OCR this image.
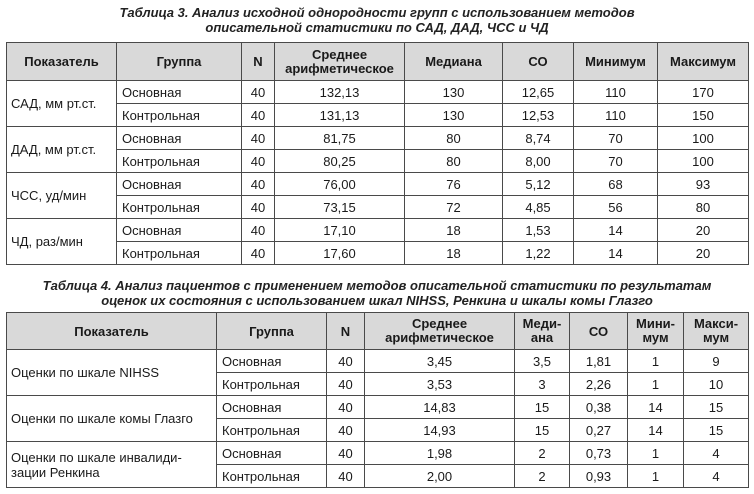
Таблица 3. Анализ исходной однородности групп с использованием методов
описательной статистики по САД, ДАД, ЧСС и ЧД
Показатель	Группа	N	Среднее арифметическое	Медиана	СО	Минимум	Максимум
САД, мм рт.ст.	Основная	40	132,13	130	12,65	110	170
	Контрольная	40	131,13	130	12,53	110	150
ДАД, мм рт.ст.	Основная	40	81,75	80	8,74	70	100
	Контрольная	40	80,25	80	8,00	70	100
ЧСС, уд/мин	Основная	40	76,00	76	5,12	68	93
	Контрольная	40	73,15	72	4,85	56	80
ЧД, раз/мин	Основная	40	17,10	18	1,53	14	20
	Контрольная	40	17,60	18	1,22	14	20
Таблица 4. Анализ пациентов с применением методов описательной статистики по результатам
оценок их состояния с использованием шкал NIHSS, Ренкина и шкалы комы Глазго
Показатель	Группа	N	Среднее арифметическое	Меди-ана	СО	Мини-мум	Макси-мум
Оценки по шкале NIHSS	Основная	40	3,45	3,5	1,81	1	9
	Контрольная	40	3,53	3	2,26	1	10
Оценки по шкале комы Глазго	Основная	40	14,83	15	0,38	14	15
	Контрольная	40	14,93	15	0,27	14	15
Оценки по шкале инвалиди-зации Ренкина	Основная	40	1,98	2	0,73	1	4
	Контрольная	40	2,00	2	0,93	1	4
